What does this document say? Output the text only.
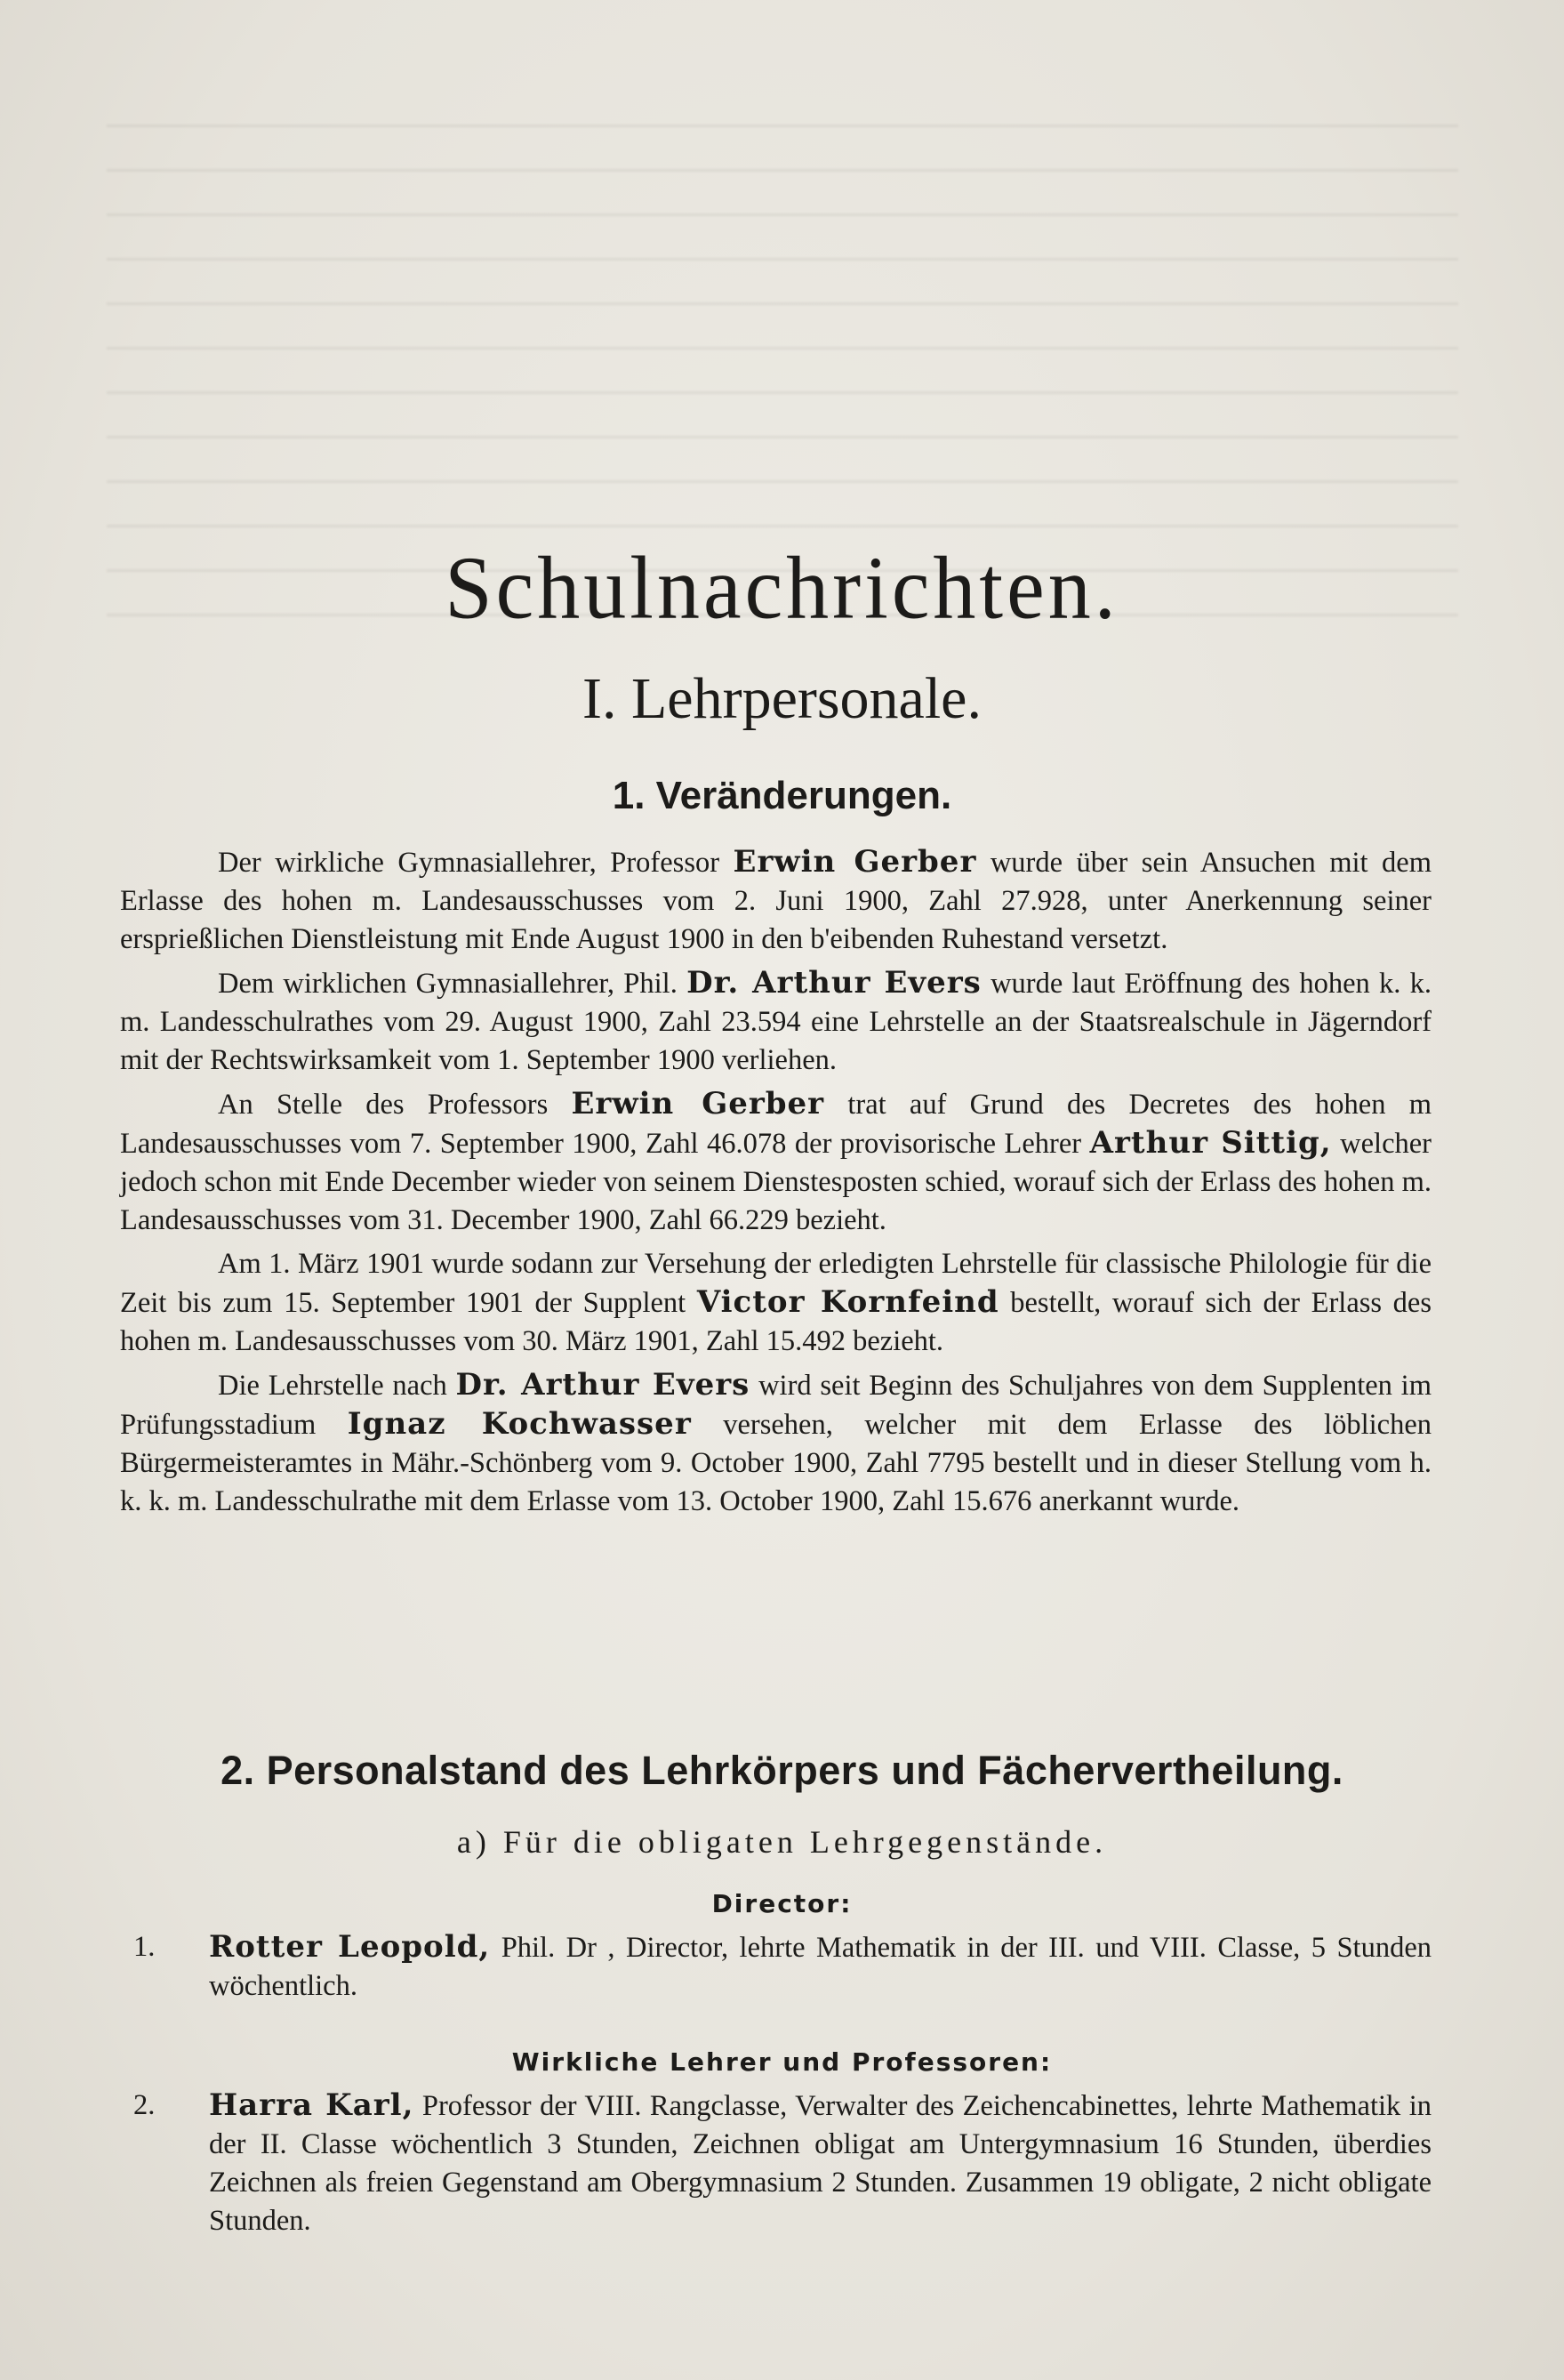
Schulnachrichten.
I. Lehrpersonale.
1. Veränderungen.

Der wirkliche Gymnasiallehrer, Professor Erwin Gerber wurde über sein Ansuchen mit dem Erlasse des hohen m. Landesausschusses vom 2. Juni 1900, Zahl 27.928, unter Anerkennung seiner ersprießlichen Dienstleistung mit Ende August 1900 in den b'eibenden Ruhestand versetzt.

Dem wirklichen Gymnasiallehrer, Phil. Dr. Arthur Evers wurde laut Eröffnung des hohen k. k. m. Landesschulrathes vom 29. August 1900, Zahl 23.594 eine Lehrstelle an der Staatsrealschule in Jägerndorf mit der Rechtswirksamkeit vom 1. September 1900 verliehen.

An Stelle des Professors Erwin Gerber trat auf Grund des Decretes des hohen m Landesausschusses vom 7. September 1900, Zahl 46.078 der provisorische Lehrer Arthur Sittig, welcher jedoch schon mit Ende December wieder von seinem Dienstesposten schied, worauf sich der Erlass des hohen m. Landesausschusses vom 31. December 1900, Zahl 66.229 bezieht.

Am 1. März 1901 wurde sodann zur Versehung der erledigten Lehrstelle für classische Philologie für die Zeit bis zum 15. September 1901 der Supplent Victor Kornfeind bestellt, worauf sich der Erlass des hohen m. Landesausschusses vom 30. März 1901, Zahl 15.492 bezieht.

Die Lehrstelle nach Dr. Arthur Evers wird seit Beginn des Schuljahres von dem Supplenten im Prüfungsstadium Ignaz Kochwasser versehen, welcher mit dem Erlasse des löblichen Bürgermeisteramtes in Mähr.-Schönberg vom 9. October 1900, Zahl 7795 bestellt und in dieser Stellung vom h. k. k. m. Landesschulrathe mit dem Erlasse vom 13. October 1900, Zahl 15.676 anerkannt wurde.

2. Personalstand des Lehrkörpers und Fächervertheilung.
a) Für die obligaten Lehrgegenstände.
Director:
1.	Rotter Leopold, Phil. Dr , Director, lehrte Mathematik in der III. und VIII. Classe, 5 Stunden wöchentlich.
Wirkliche Lehrer und Professoren:
2.	Harra Karl, Professor der VIII. Rangclasse, Verwalter des Zeichencabinettes, lehrte Mathematik in der II. Classe wöchentlich 3 Stunden, Zeichnen obligat am Untergymnasium 16 Stunden, überdies Zeichnen als freien Gegenstand am Obergymnasium 2 Stunden. Zusammen 19 obligate, 2 nicht obligate Stunden.
